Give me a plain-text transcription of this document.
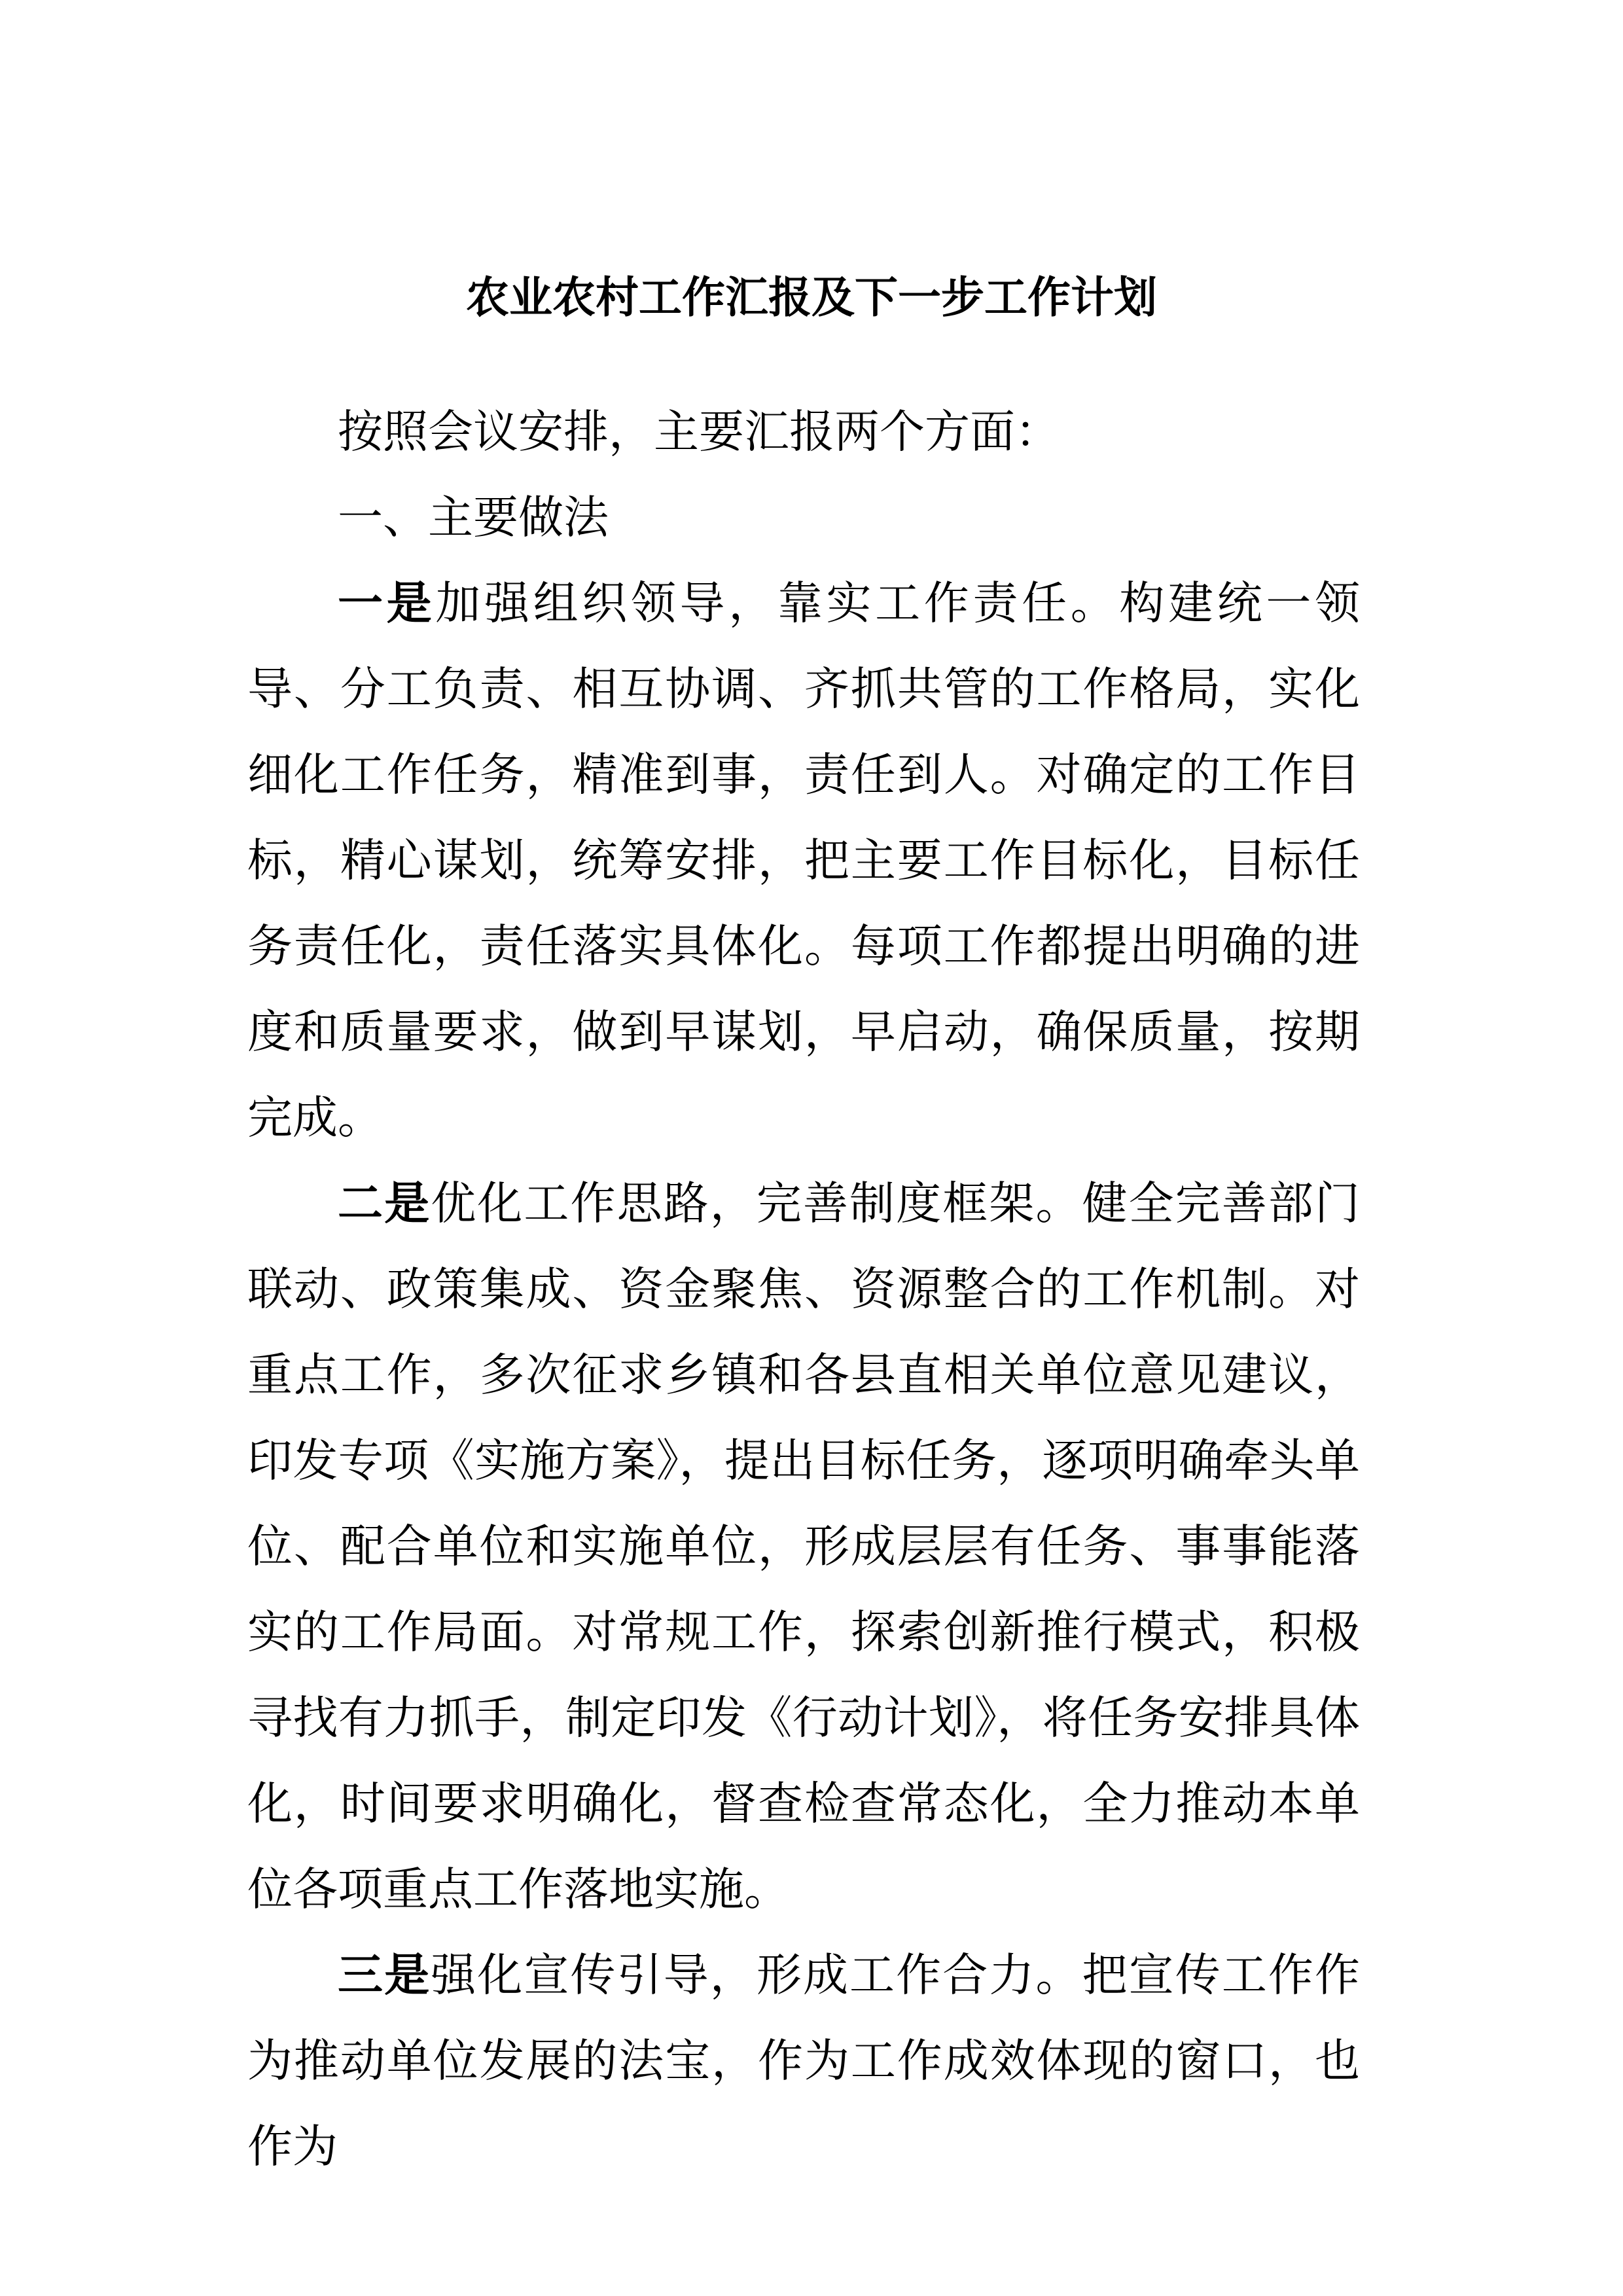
农业农村工作汇报及下一步工作计划

按照会议安排，主要汇报两个方面：

一、主要做法

一是加强组织领导，靠实工作责任。构建统一领导、分工负责、相互协调、齐抓共管的工作格局，实化细化工作任务，精准到事，责任到人。对确定的工作目标，精心谋划，统筹安排，把主要工作目标化，目标任务责任化，责任落实具体化。每项工作都提出明确的进度和质量要求，做到早谋划，早启动，确保质量，按期完成。

二是优化工作思路，完善制度框架。健全完善部门联动、政策集成、资金聚焦、资源整合的工作机制。对重点工作，多次征求乡镇和各县直相关单位意见建议，印发专项《实施方案》，提出目标任务，逐项明确牵头单位、配合单位和实施单位，形成层层有任务、事事能落实的工作局面。对常规工作，探索创新推行模式，积极寻找有力抓手，制定印发《行动计划》，将任务安排具体化，时间要求明确化，督查检查常态化，全力推动本单位各项重点工作落地实施。

三是强化宣传引导，形成工作合力。把宣传工作作为推动单位发展的法宝，作为工作成效体现的窗口，也作为
